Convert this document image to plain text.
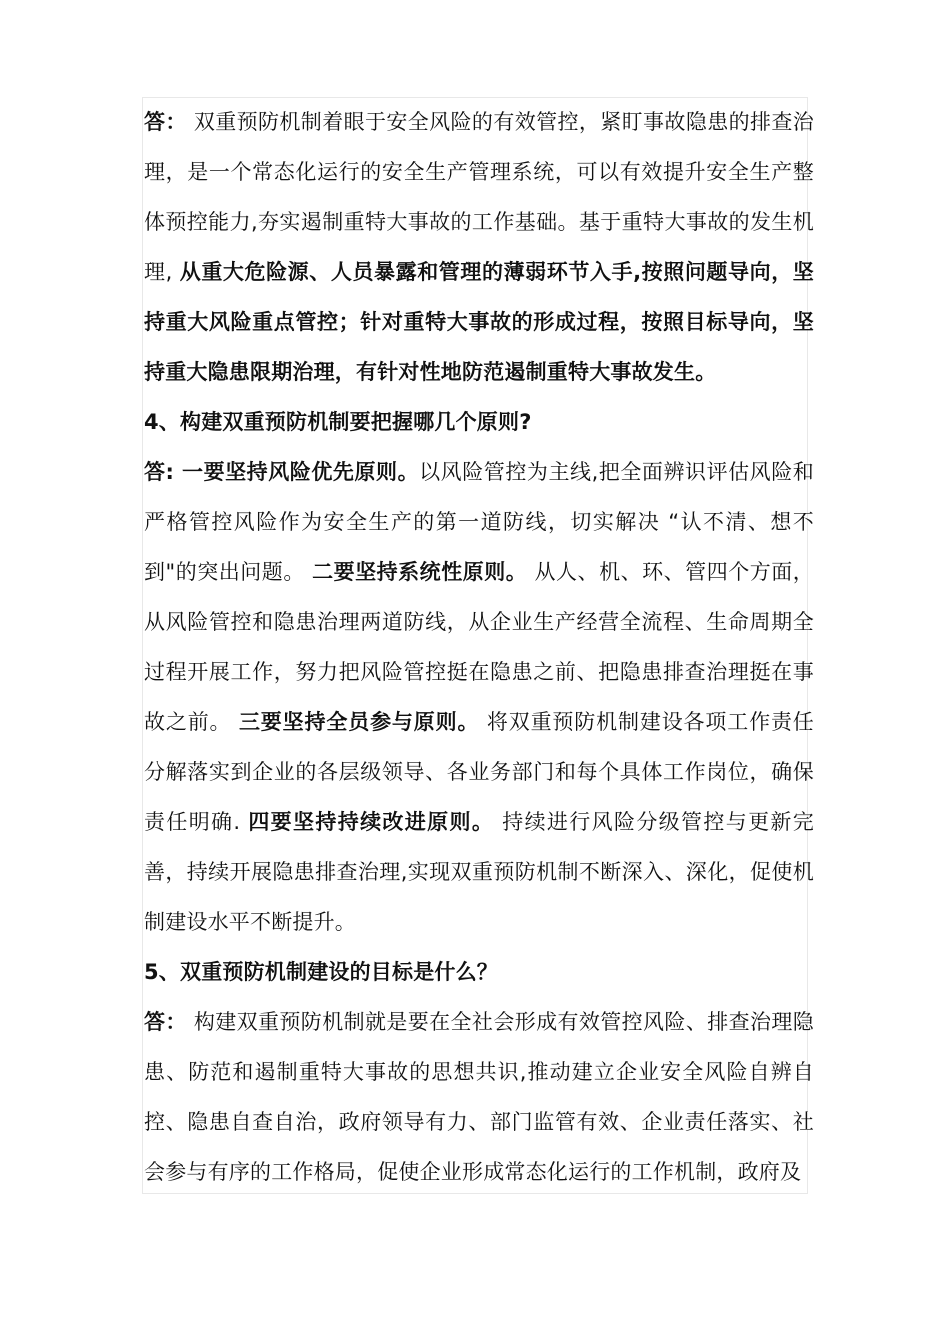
答： 双重预防机制着眼于安全风险的有效管控，紧盯事故隐患的排查治理，是一个常态化运行的安全生产管理系统，可以有效提升安全生产整体预控能力,夯实遏制重特大事故的工作基础。基于重特大事故的发生机理, 从重大危险源、人员暴露和管理的薄弱环节入手,按照问题导向，坚持重大风险重点管控；针对重特大事故的形成过程，按照目标导向，坚持重大隐患限期治理，有针对性地防范遏制重特大事故发生。

4、构建双重预防机制要把握哪几个原则?

答: 一要坚持风险优先原则。以风险管控为主线,把全面辨识评估风险和严格管控风险作为安全生产的第一道防线，切实解决 “认不清、想不到"的突出问题。 二要坚持系统性原则。 从人、机、环、管四个方面，从风险管控和隐患治理两道防线，从企业生产经营全流程、生命周期全过程开展工作，努力把风险管控挺在隐患之前、把隐患排查治理挺在事故之前。 三要坚持全员参与原则。 将双重预防机制建设各项工作责任分解落实到企业的各层级领导、各业务部门和每个具体工作岗位，确保责任明确. 四要坚持持续改进原则。 持续进行风险分级管控与更新完善，持续开展隐患排查治理,实现双重预防机制不断深入、深化，促使机制建设水平不断提升。

5、双重预防机制建设的目标是什么？

答： 构建双重预防机制就是要在全社会形成有效管控风险、排查治理隐患、防范和遏制重特大事故的思想共识,推动建立企业安全风险自辨自控、隐患自查自治，政府领导有力、部门监管有效、企业责任落实、社会参与有序的工作格局，促使企业形成常态化运行的工作机制，政府及
